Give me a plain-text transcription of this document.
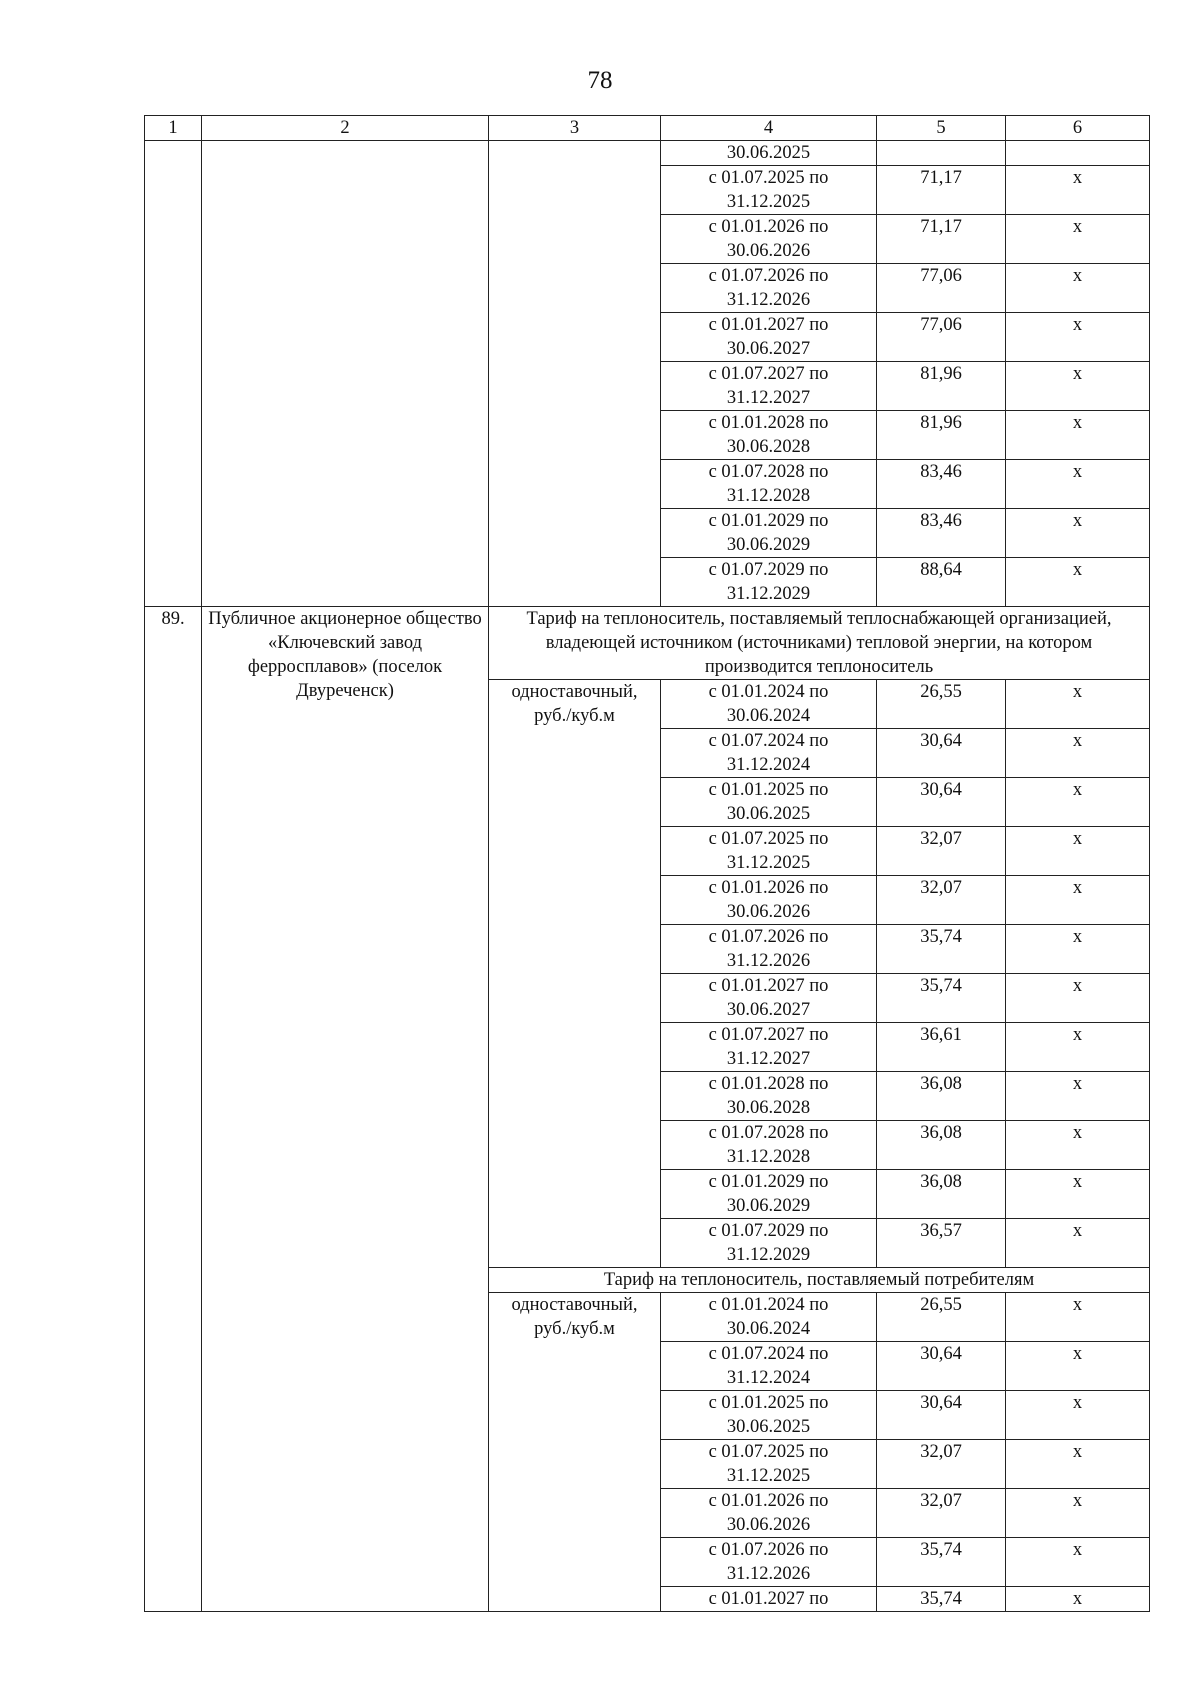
78
1	2	3	4	5	6
			30.06.2025		
			с 01.07.2025 по 31.12.2025	71,17	х
			с 01.01.2026 по 30.06.2026	71,17	х
			с 01.07.2026 по 31.12.2026	77,06	х
			с 01.01.2027 по 30.06.2027	77,06	х
			с 01.07.2027 по 31.12.2027	81,96	х
			с 01.01.2028 по 30.06.2028	81,96	х
			с 01.07.2028 по 31.12.2028	83,46	х
			с 01.01.2029 по 30.06.2029	83,46	х
			с 01.07.2029 по 31.12.2029	88,64	х
89.	Публичное акционерное общество «Ключевский завод ферросплавов» (поселок Двуреченск)	Тариф на теплоноситель, поставляемый теплоснабжающей организацией, владеющей источником (источниками) тепловой энергии, на котором производится теплоноситель			
		одноставочный, руб./куб.м	с 01.01.2024 по 30.06.2024	26,55	х
			с 01.07.2024 по 31.12.2024	30,64	х
			с 01.01.2025 по 30.06.2025	30,64	х
			с 01.07.2025 по 31.12.2025	32,07	х
			с 01.01.2026 по 30.06.2026	32,07	х
			с 01.07.2026 по 31.12.2026	35,74	х
			с 01.01.2027 по 30.06.2027	35,74	х
			с 01.07.2027 по 31.12.2027	36,61	х
			с 01.01.2028 по 30.06.2028	36,08	х
			с 01.07.2028 по 31.12.2028	36,08	х
			с 01.01.2029 по 30.06.2029	36,08	х
			с 01.07.2029 по 31.12.2029	36,57	х
		Тариф на теплоноситель, поставляемый потребителям			
		одноставочный, руб./куб.м	с 01.01.2024 по 30.06.2024	26,55	х
			с 01.07.2024 по 31.12.2024	30,64	х
			с 01.01.2025 по 30.06.2025	30,64	х
			с 01.07.2025 по 31.12.2025	32,07	х
			с 01.01.2026 по 30.06.2026	32,07	х
			с 01.07.2026 по 31.12.2026	35,74	х
			с 01.01.2027 по	35,74	х
